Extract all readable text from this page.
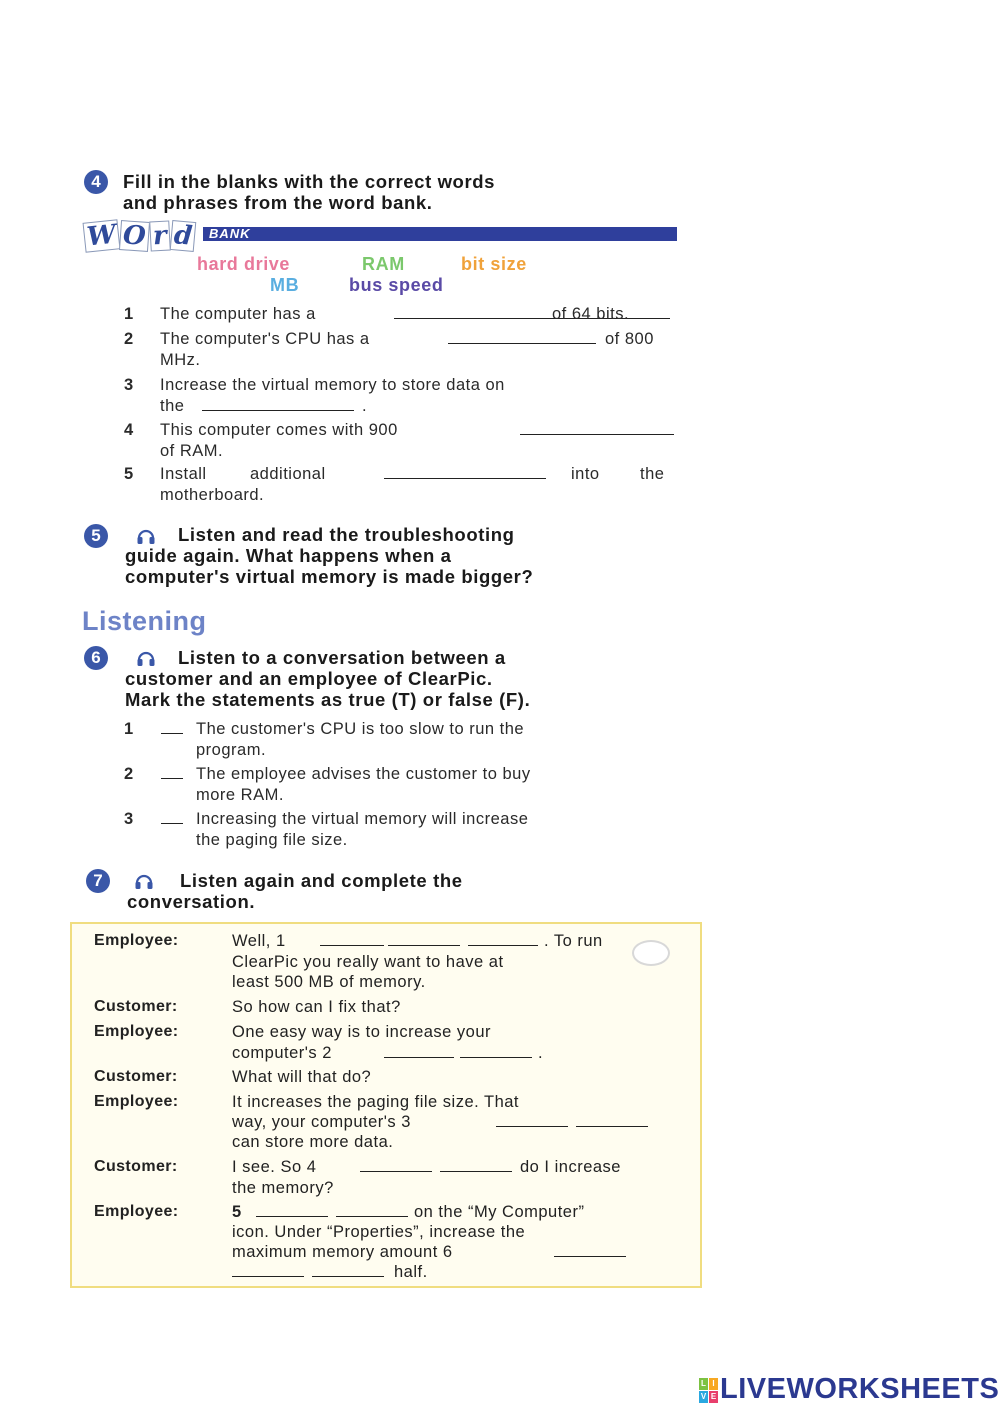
4	Fill in the blanks with the correct words
and phrases from the word bank.
W O r d	BANK
hard drive	RAM	bit size
MB	bus speed
1 The computer has a	of 64 bits.
2 The computer's CPU has a	of 800
MHz.
3 Increase the virtual memory to store data on
the	.
4 This computer comes with 900
of RAM.
5 Install	additional	into the
motherboard.
5	Listen and read the troubleshooting
guide again. What happens when a
computer's virtual memory is made bigger?
Listening
6	Listen to a conversation between a
customer and an employee of ClearPic.
Mark the statements as true (T) or false (F).
1	The customer's CPU is too slow to run the
program.
2	The employee advises the customer to buy
more RAM.
3	Increasing the virtual memory will increase
the paging file size.
7	Listen again and complete the
conversation.
Employee:	Well, 1	. To run
ClearPic you really want to have at
least 500 MB of memory.
Customer:	So how can I fix that?
Employee:	One easy way is to increase your
computer's 2	.
Customer:	What will that do?
Employee:	It increases the paging file size. That
way, your computer's 3
can store more data.
Customer:	I see. So 4	do I increase
the memory?
Employee:	5	on the “My Computer”
icon. Under “Properties”, increase the
maximum memory amount 6
half.
L I
V E LIVEWORKSHEETS
